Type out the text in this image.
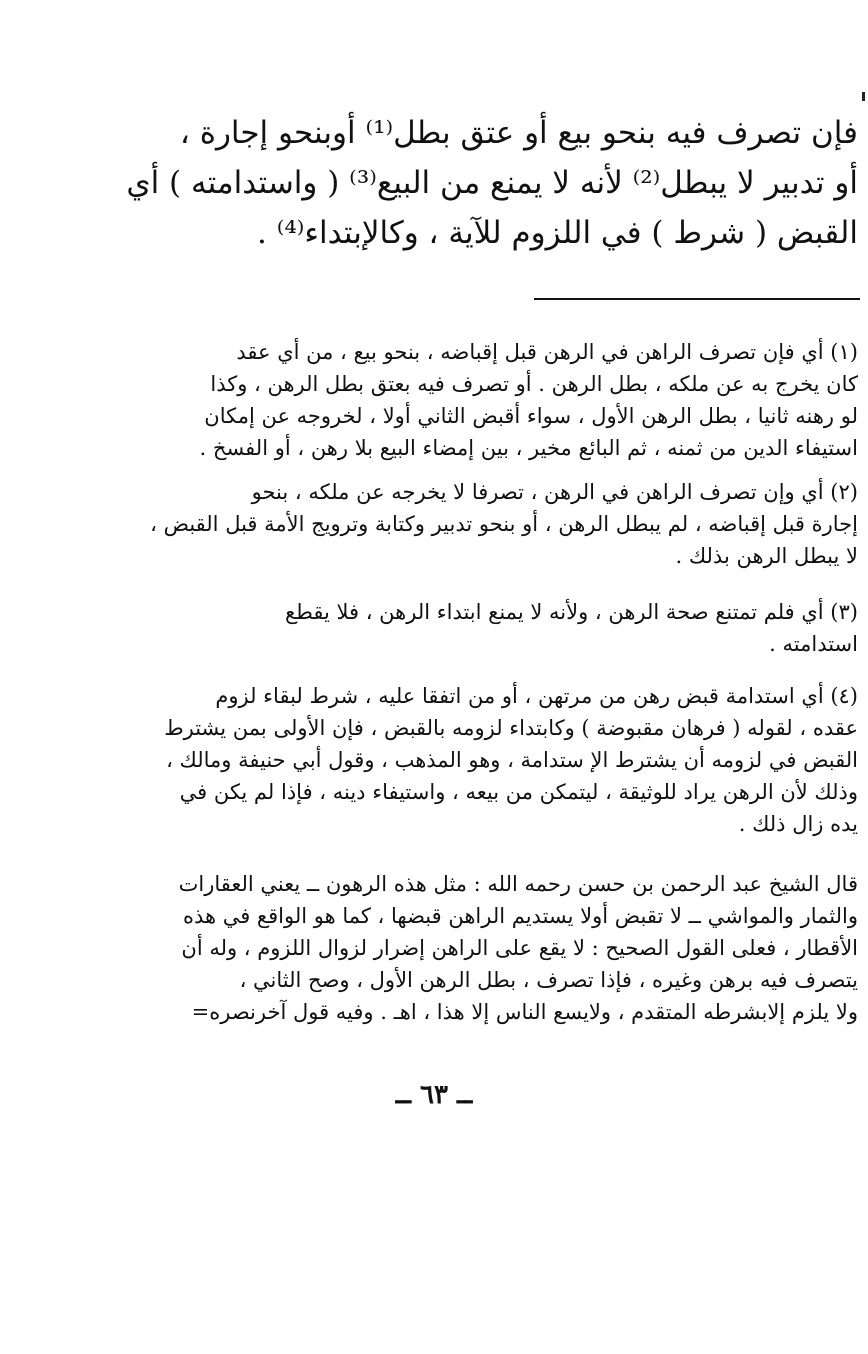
فإن تصرف فيه بنحو بيع أو عتق بطل⁽¹⁾ أوبنحو إجارة ،
أو تدبير لا يبطل⁽²⁾ لأنه لا يمنع من البيع⁽³⁾ ( واستدامته ) أي
القبض ( شرط ) في اللزوم للآية ، وكالإبتداء⁽⁴⁾ .
(١) أي فإن تصرف الراهن في الرهن قبل إقباضه ، بنحو بيع ، من أي عقد
كان يخرج به عن ملكه ، بطل الرهن . أو تصرف فيه بعتق بطل الرهن ، وكذا
لو رهنه ثانيا ، بطل الرهن الأول ، سواء أقبض الثاني أولا ، لخروجه عن إمكان
استيفاء الدين من ثمنه ، ثم البائع مخير ، بين إمضاء البيع بلا رهن ، أو الفسخ .
(٢) أي وإن تصرف الراهن في الرهن ، تصرفا لا يخرجه عن ملكه ، بنحو
إجارة قبل إقباضه ، لم يبطل الرهن ، أو بنحو تدبير وكتابة وترويج الأمة قبل القبض ،
لا يبطل الرهن بذلك .
(٣) أي فلم تمتنع صحة الرهن ، ولأنه لا يمنع ابتداء الرهن ، فلا يقطع
استدامته .
(٤) أي استدامة قبض رهن من مرتهن ، أو من اتفقا عليه ، شرط لبقاء لزوم
عقده ، لقوله ( فرهان مقبوضة ) وكابتداء لزومه بالقبض ، فإن الأولى بمن يشترط
القبض في لزومه أن يشترط الإ ستدامة ، وهو المذهب ، وقول أبي حنيفة ومالك ،
وذلك لأن الرهن يراد للوثيقة ، ليتمكن من بيعه ، واستيفاء دينه ، فإذا لم يكن في
يده زال ذلك .
قال الشيخ عبد الرحمن بن حسن رحمه الله : مثل هذه الرهون ــ يعني العقارات
والثمار والمواشي ــ لا تقبض أولا يستديم الراهن قبضها ، كما هو الواقع في هذه
الأقطار ، فعلى القول الصحيح : لا يقع على الراهن إضرار لزوال اللزوم ، وله أن
يتصرف فيه برهن وغيره ، فإذا تصرف ، بطل الرهن الأول ، وصح الثاني ،
ولا يلزم إلابشرطه المتقدم ، ولايسع الناس إلا هذا ، اهـ . وفيه قول آخرنصره=
ــ ٦٣ ــ
